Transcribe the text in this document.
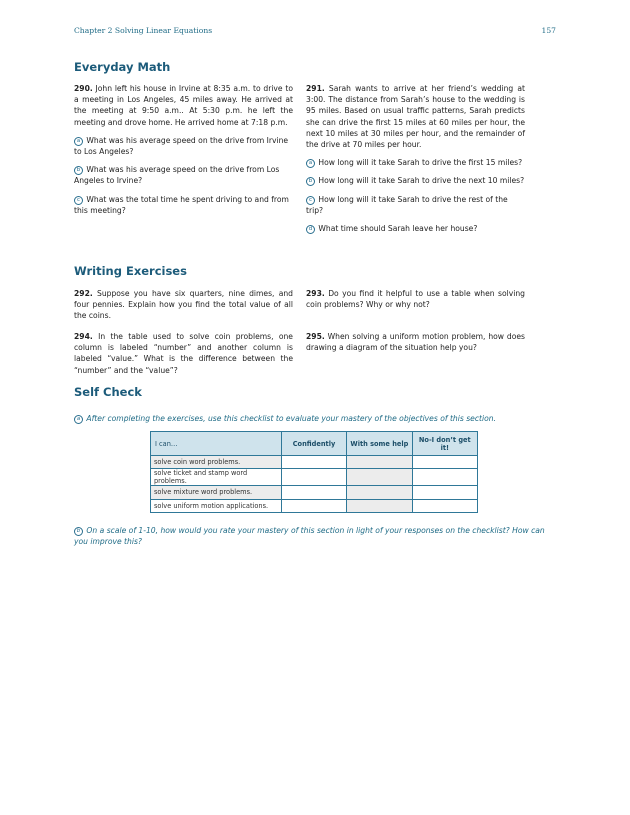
Chapter 2 Solving Linear Equations	157
Everyday Math

290. John left his house in Irvine at 8:35 a.m. to drive to a meeting in Los Angeles, 45 miles away. He arrived at the meeting at 9:50 a.m.. At 5:30 p.m. he left the meeting and drove home. He arrived home at 7:18 p.m.

a What was his average speed on the drive from Irvine to Los Angeles?

b What was his average speed on the drive from Los Angeles to Irvine?

c What was the total time he spent driving to and from this meeting?

291. Sarah wants to arrive at her friend’s wedding at 3:00. The distance from Sarah’s house to the wedding is 95 miles. Based on usual traffic patterns, Sarah predicts she can drive the first 15 miles at 60 miles per hour, the next 10 miles at 30 miles per hour, and the remainder of the drive at 70 miles per hour.

a How long will it take Sarah to drive the first 15 miles?

b How long will it take Sarah to drive the next 10 miles?

c How long will it take Sarah to drive the rest of the trip?

d What time should Sarah leave her house?

Writing Exercises

292. Suppose you have six quarters, nine dimes, and four pennies. Explain how you find the total value of all the coins.

293. Do you find it helpful to use a table when solving coin problems? Why or why not?

294. In the table used to solve coin problems, one column is labeled “number” and another column is labeled “value.” What is the difference between the “number” and the “value”?

295. When solving a uniform motion problem, how does drawing a diagram of the situation help you?

Self Check

a After completing the exercises, use this checklist to evaluate your mastery of the objectives of this section.

I can…	Confidently	With some help	No-I don’t get it!
solve coin word problems.			
solve ticket and stamp word problems.			
solve mixture word problems.			
solve uniform motion applications.			

b On a scale of 1-10, how would you rate your mastery of this section in light of your responses on the checklist? How can you improve this?
